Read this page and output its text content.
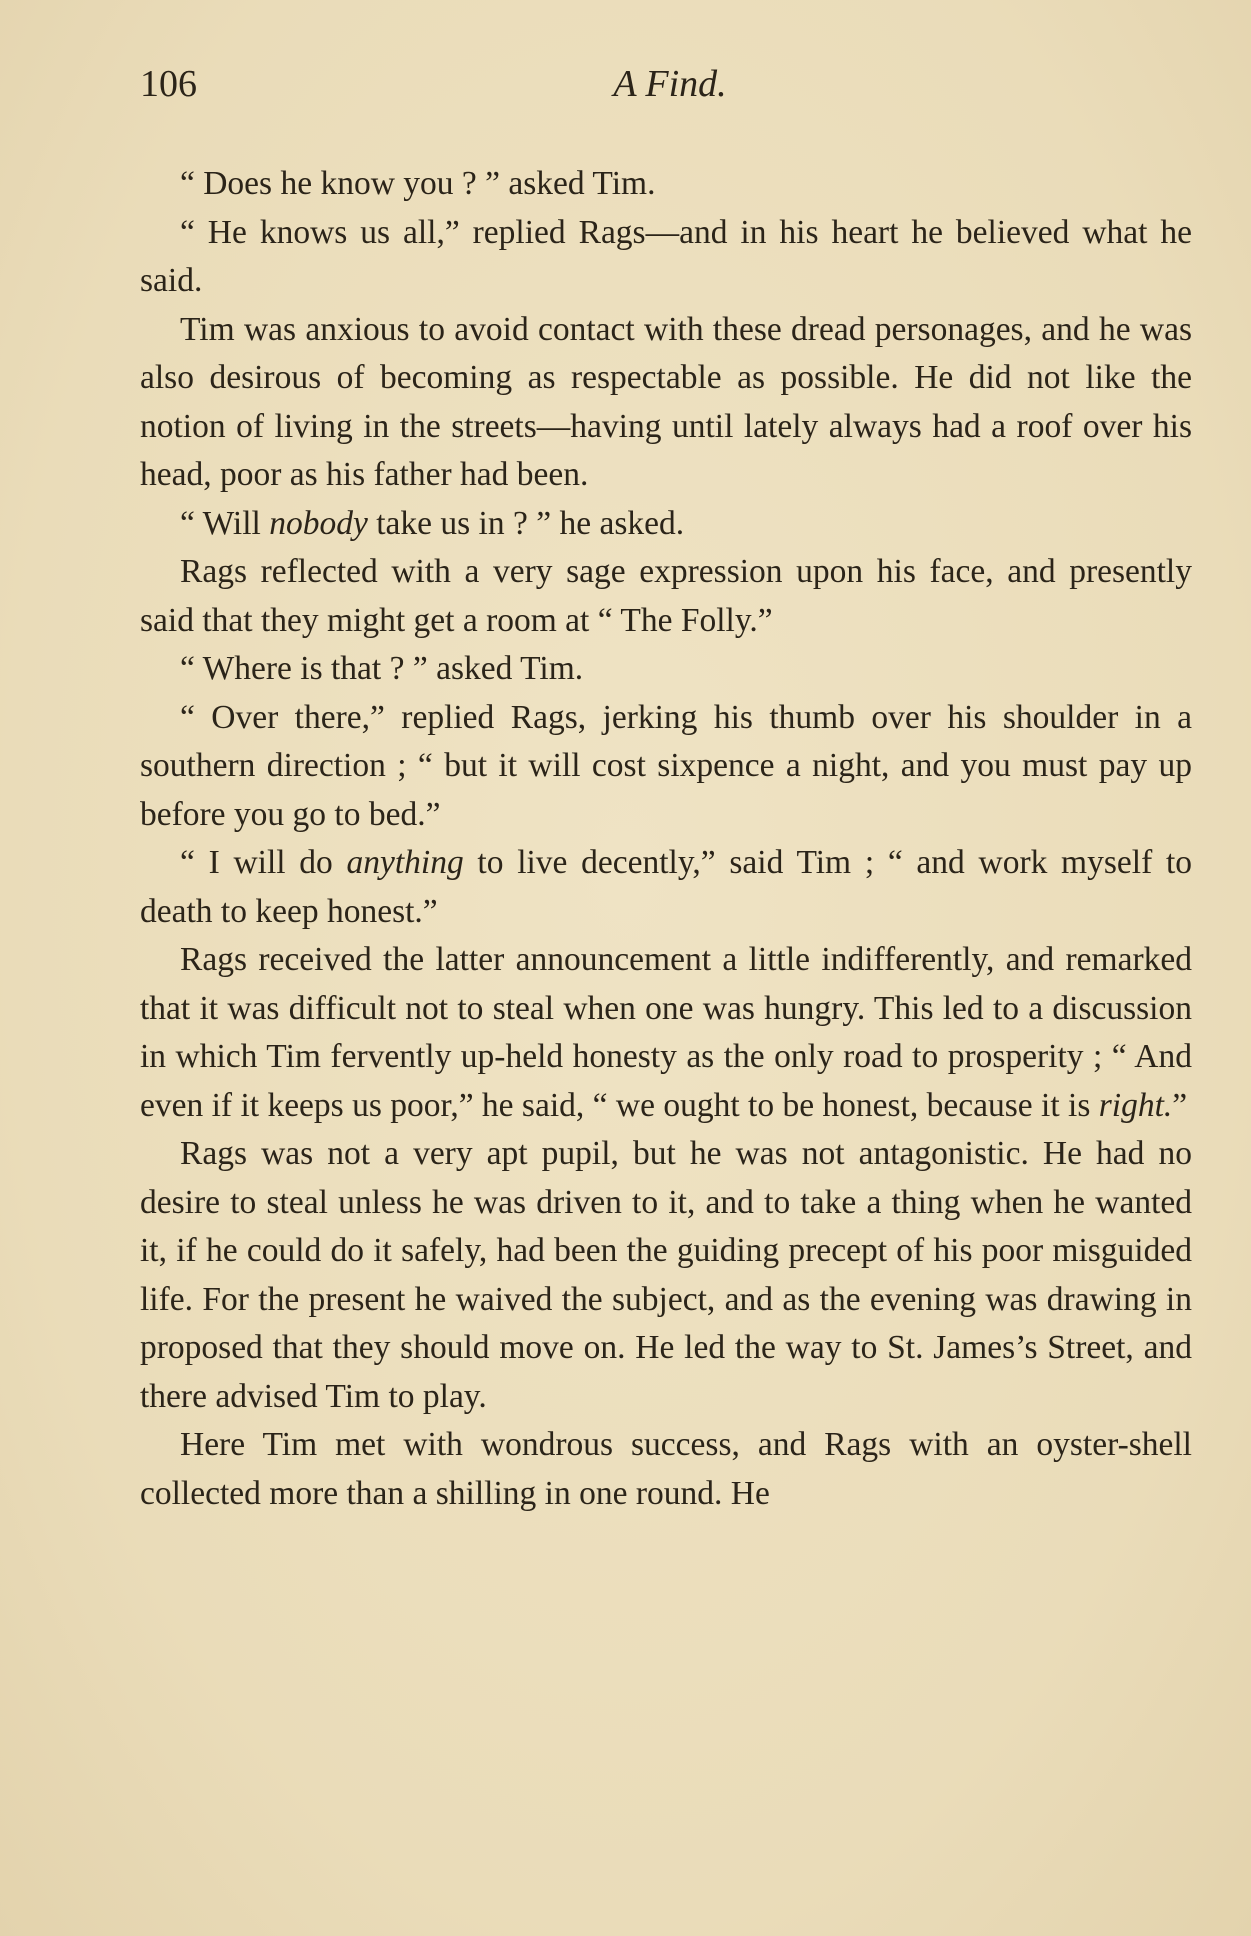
106	A Find.

“ Does he know you ? ” asked Tim.

“ He knows us all,” replied Rags—and in his heart he believed what he said.

Tim was anxious to avoid contact with these dread personages, and he was also desirous of becoming as respectable as possible. He did not like the notion of living in the streets—having until lately always had a roof over his head, poor as his father had been.

“ Will nobody take us in ? ” he asked.

Rags reflected with a very sage expression upon his face, and presently said that they might get a room at “ The Folly.”

“ Where is that ? ” asked Tim.

“ Over there,” replied Rags, jerking his thumb over his shoulder in a southern direction ; “ but it will cost sixpence a night, and you must pay up before you go to bed.”

“ I will do anything to live decently,” said Tim ; “ and work myself to death to keep honest.”

Rags received the latter announcement a little indifferently, and remarked that it was difficult not to steal when one was hungry. This led to a discussion in which Tim fervently up-held honesty as the only road to prosperity ; “ And even if it keeps us poor,” he said, “ we ought to be honest, because it is right.”

Rags was not a very apt pupil, but he was not antagonistic. He had no desire to steal unless he was driven to it, and to take a thing when he wanted it, if he could do it safely, had been the guiding precept of his poor misguided life. For the present he waived the subject, and as the evening was drawing in proposed that they should move on. He led the way to St. James’s Street, and there advised Tim to play.

Here Tim met with wondrous success, and Rags with an oyster-shell collected more than a shilling in one round. He
